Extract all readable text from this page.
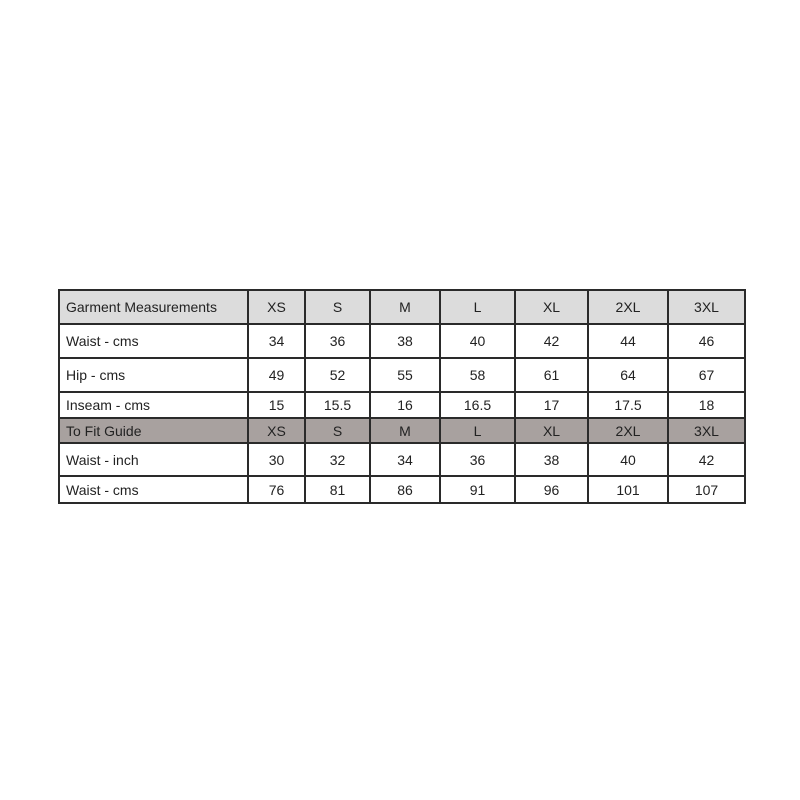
Garment Measurements	XS	S	M	L	XL	2XL	3XL
Waist - cms	34	36	38	40	42	44	46
Hip - cms	49	52	55	58	61	64	67
Inseam - cms	15	15.5	16	16.5	17	17.5	18
To Fit Guide	XS	S	M	L	XL	2XL	3XL
Waist - inch	30	32	34	36	38	40	42
Waist - cms	76	81	86	91	96	101	107
